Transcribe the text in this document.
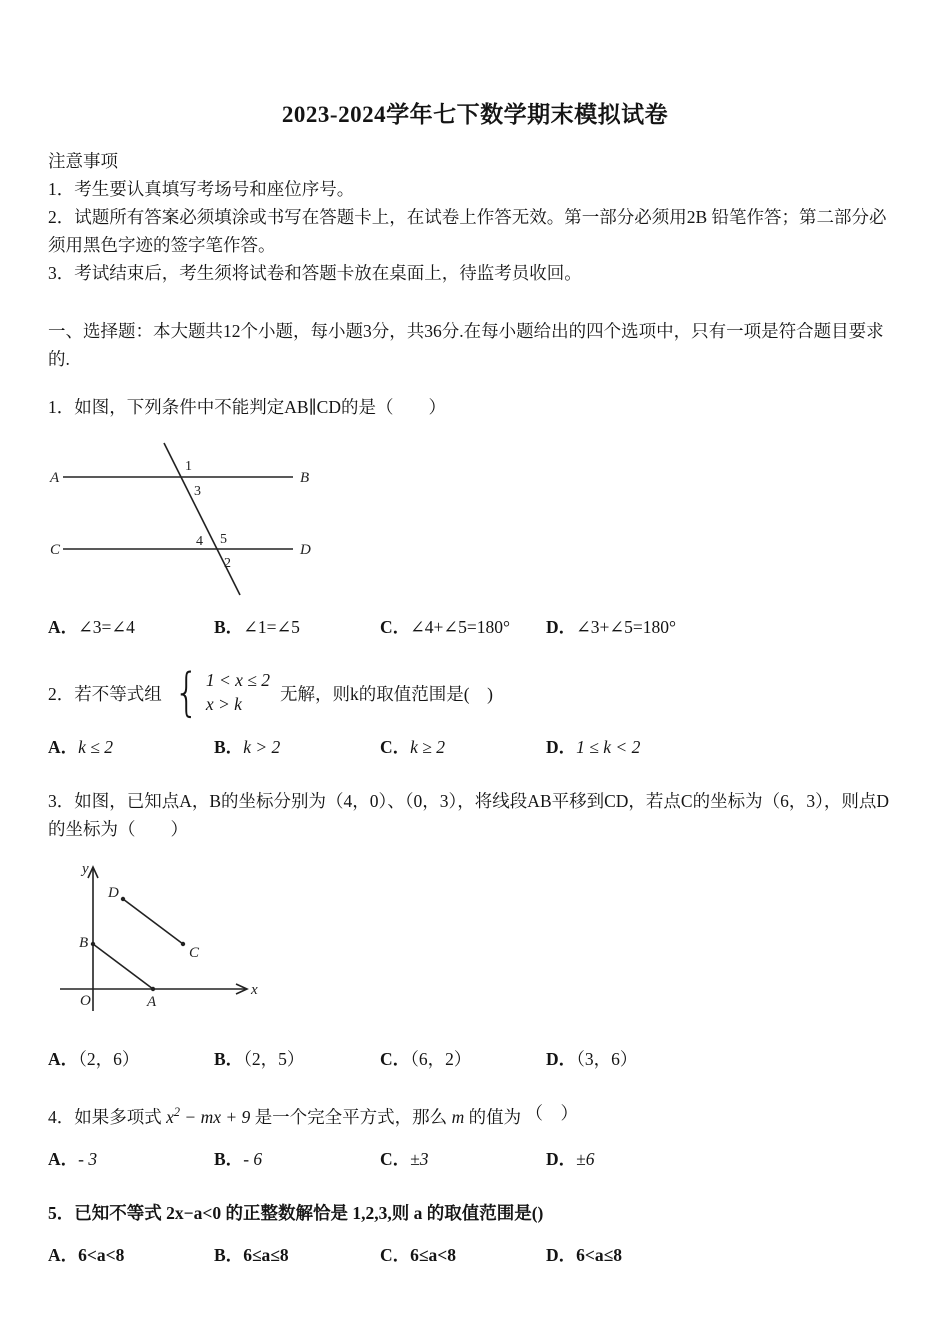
2023-2024学年七下数学期末模拟试卷
注意事项
1．考生要认真填写考场号和座位序号。
2．试题所有答案必须填涂或书写在答题卡上，在试卷上作答无效。第一部分必须用2B 铅笔作答；第二部分必须用黑色字迹的签字笔作答。
3．考试结束后，考生须将试卷和答题卡放在桌面上，待监考员收回。
一、选择题：本大题共12个小题，每小题3分，共36分.在每小题给出的四个选项中，只有一项是符合题目要求的.
1．如图，下列条件中不能判定AB∥CD的是（　　）
A	B
C	D
1
3
4 5
2
A．∠3=∠4	B．∠1=∠5	C．∠4+∠5=180°	D．∠3+∠5=180°
2．若不等式组 { 1 < x ≤ 2
x > k
无解，则k的取值范围是(　)
A．k ≤ 2	B．k > 2	C．k ≥ 2	D．1 ≤ k < 2
3．如图，已知点A，B的坐标分别为（4，0）、（0，3），将线段AB平移到CD，若点C的坐标为（6，3），则点D的坐标为（　　）
y
x
O
B
A
D
C
A．（2，6）	B．（2，5）	C．（6，2）	D．（3，6）
4．如果多项式 $x^2$ − mx + 9 是一个完全平方式，那么 m 的值为 （　 ）
A．- 3	B．- 6	C．±3	D．±6
5．已知不等式 2x−a<0 的正整数解恰是 1,2,3,则 a 的取值范围是()
A．6<a<8	B．6≤a≤8	C．6≤a<8	D．6<a≤8
